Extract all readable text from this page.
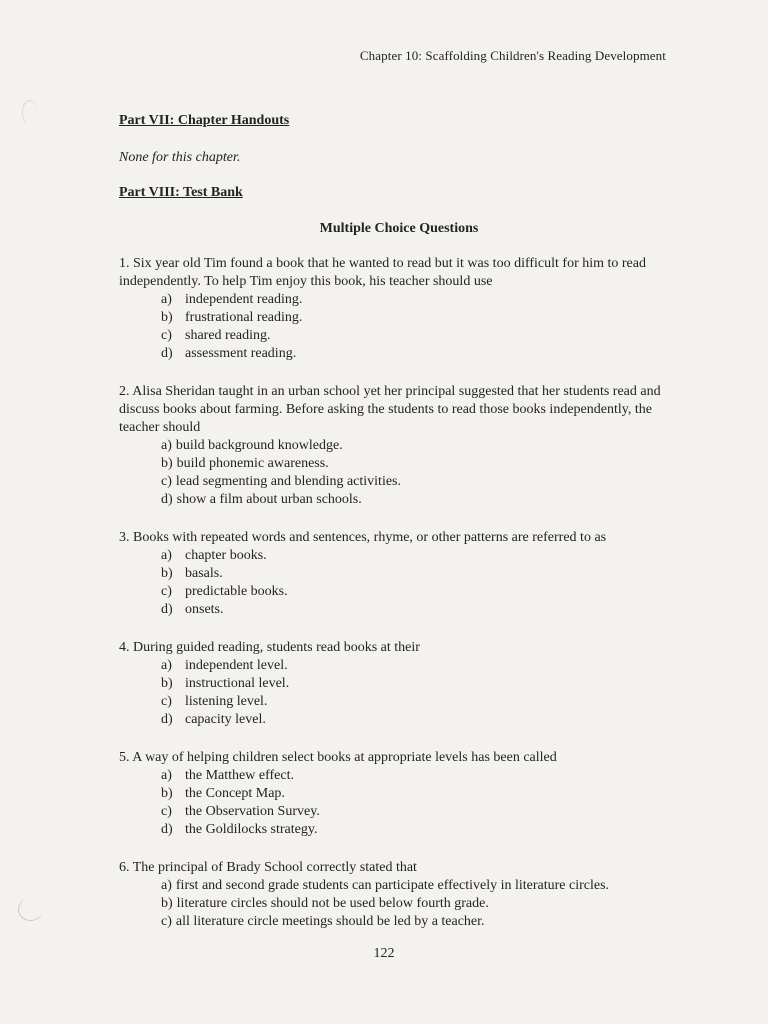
Chapter 10: Scaffolding Children's Reading Development

Part VII: Chapter Handouts

None for this chapter.

Part VIII: Test Bank

Multiple Choice Questions

1. Six year old Tim found a book that he wanted to read but it was too difficult for him to read independently. To help Tim enjoy this book, his teacher should use

a) independent reading.
b) frustrational reading.
c) shared reading.
d) assessment reading.

2. Alisa Sheridan taught in an urban school yet her principal suggested that her students read and discuss books about farming. Before asking the students to read those books independently, the teacher should

a) build background knowledge.
b) build phonemic awareness.
c) lead segmenting and blending activities.
d) show a film about urban schools.

3. Books with repeated words and sentences, rhyme, or other patterns are referred to as

a) chapter books.
b) basals.
c) predictable books.
d) onsets.

4. During guided reading, students read books at their

a) independent level.
b) instructional level.
c) listening level.
d) capacity level.

5. A way of helping children select books at appropriate levels has been called

a) the Matthew effect.
b) the Concept Map.
c) the Observation Survey.
d) the Goldilocks strategy.

6. The principal of Brady School correctly stated that

a) first and second grade students can participate effectively in literature circles.
b) literature circles should not be used below fourth grade.
c) all literature circle meetings should be led by a teacher.
122
